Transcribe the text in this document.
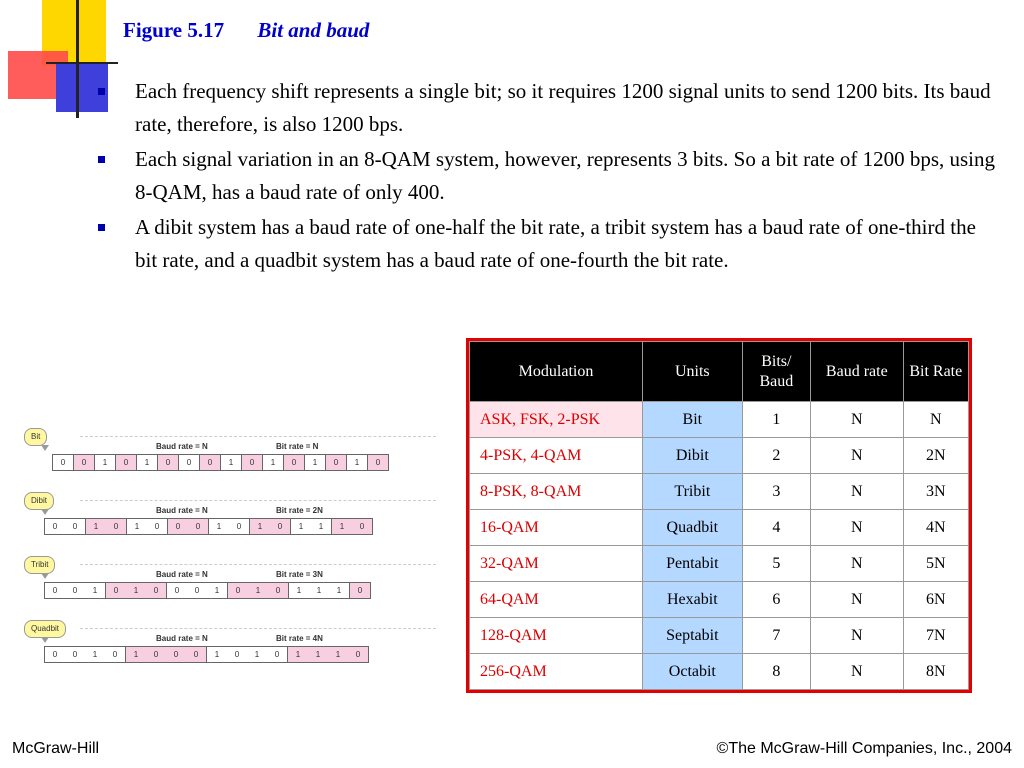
Figure 5.17 Bit and baud
Each frequency shift represents a single bit; so it requires 1200 signal units to send 1200 bits. Its baud rate, therefore, is also 1200 bps.
Each signal variation in an 8-QAM system, however, represents 3 bits. So a bit rate of 1200 bps, using 8-QAM, has a baud rate of only 400.
A dibit system has a baud rate of one-half the bit rate, a tribit system has a baud rate of one-third the bit rate, and a quadbit system has a baud rate of one-fourth the bit rate.
Modulation	Units	Bits/ Baud	Baud rate	Bit Rate
ASK, FSK, 2-PSK	Bit	1	N	N
4-PSK, 4-QAM	Dibit	2	N	2N
8-PSK, 8-QAM	Tribit	3	N	3N
16-QAM	Quadbit	4	N	4N
32-QAM	Pentabit	5	N	5N
64-QAM	Hexabit	6	N	6N
128-QAM	Septabit	7	N	7N
256-QAM	Octabit	8	N	8N
Bit
Baud rate = N	Bit rate = N
0	0	1	0	1	0	0	0	1	0	1	0	1	0	1	0
Dibit
Baud rate = N	Bit rate = 2N
0	0	1	0	1	0	0	0	1	0	1	0	1	1	1	0
Tribit
Baud rate = N	Bit rate = 3N
0	0	1	0	1	0	0	0	1	0	1	0	1	1	1	0
Quadbit
Baud rate = N	Bit rate = 4N
0	0	1	0	1	0	0	0	1	0	1	0	1	1	1	0
McGraw-Hill	©The McGraw-Hill Companies, Inc., 2004
